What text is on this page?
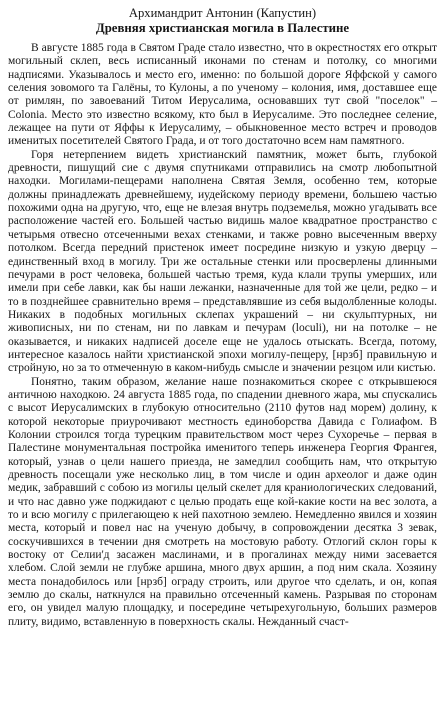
Архимандрит Антонин (Капустин)
Древняя христианская могила в Палестине

В августе 1885 года в Святом Граде стало известно, что в окрестностях его открыт могильный склеп, весь исписанный иконами по стенам и потолку, со многими надписями. Указывалось и место его, именно: по большой дороге Яффской у самого селения зовомого та Галёны, то Кулоны, а по ученому – колония, имя, доставшее еще от римлян, по завоеваний Титом Иерусалима, основавших тут свой "поселок" – Colonia. Место это известно всякому, кто был в Иерусалиме. Это последнее селение, лежащее на пути от Яффы к Иерусалиму, – обыкновенное место встреч и проводов именитых посетителей Святого Града, и от того достаточно всем нам памятного.

Горя нетерпением видеть христианский памятник, может быть, глубокой древности, пишущий сие с двумя спутниками отправились на смотр любопытной находки. Могилами-пещерами наполнена Святая Земля, особенно тем, которые должны принадлежать древнейшему, иудейскому периоду времени, большею частью похожими одна на другую, что, еще не влезая внутрь подземелья, можно угадывать все расположение частей его. Большей частью видишь малое квадратное пространство с четырьмя отвесно отсеченными вехах стенками, и также ровно высеченным вверху потолком. Всегда передний пристенок имеет посредине низкую и узкую дверцу – единственный вход в могилу. Три же остальные стенки или просверлены длинными печурами в рост человека, большей частью тремя, куда клали трупы умерших, или имели при себе лавки, как бы наши лежанки, назначенные для той же цели, редко – и то в позднейшее сравнительно время – представлявшие из себя выдолбленные колоды. Никаких в подобных могильных склепах украшений – ни скульптурных, ни живописных, ни по стенам, ни по лавкам и печурам (loculi), ни на потолке – не оказывается, и никаких надписей доселе еще не удалось отыскать. Всегда, потому, интересное казалось найти христианской эпохи могилу-пещеру, [нрзб] правильную и стройную, но за то отмеченную в каком-нибудь смысле и значении резцом или кистью.

Понятно, таким образом, желание наше познакомиться скорее с открывшеюся античною находкою. 24 августа 1885 года, по спадении дневного жара, мы спускались с высот Иерусалимских в глубокую относительно (2110 футов над морем) долину, к которой некоторые приурочивают местность единоборства Давида с Голиафом. В Колонии строился тогда турецким правительством мост через Сухоречье – первая в Палестине монументальная постройка именитого теперь инженера Георгия Франгея, который, узнав о цели нашего приезда, не замедлил сообщить нам, что открытую древность посещали уже несколько лиц, в том числе и один археолог и даже один медик, забравший с собою из могилы целый скелет для краниологических следований, и что нас давно уже поджидают с целью продать еще кой-какие кости на вес золота, а то и всю могилу с прилегающею к ней пахотною землею. Немедленно явился и хозяин места, который и повел нас на ученую добычу, в сопровождении десятка 3 зевак, соскучившихся в течении дня смотреть на мостовую работу. Отлогий склон горы к востоку от Селии'д засажен маслинами, и в прогалинах между ними засевается хлебом. Слой земли не глубже аршина, много двух аршин, а под ним скала. Хозяину места понадобилось или [нрзб] ограду строить, или другое что сделать, и он, копая землю до скалы, наткнулся на правильно отсеченный камень. Разрывая по сторонам его, он увидел малую площадку, и посередине четырехугольную, больших размеров плиту, видимо, вставленную в поверхность скалы. Нежданный счаст-
